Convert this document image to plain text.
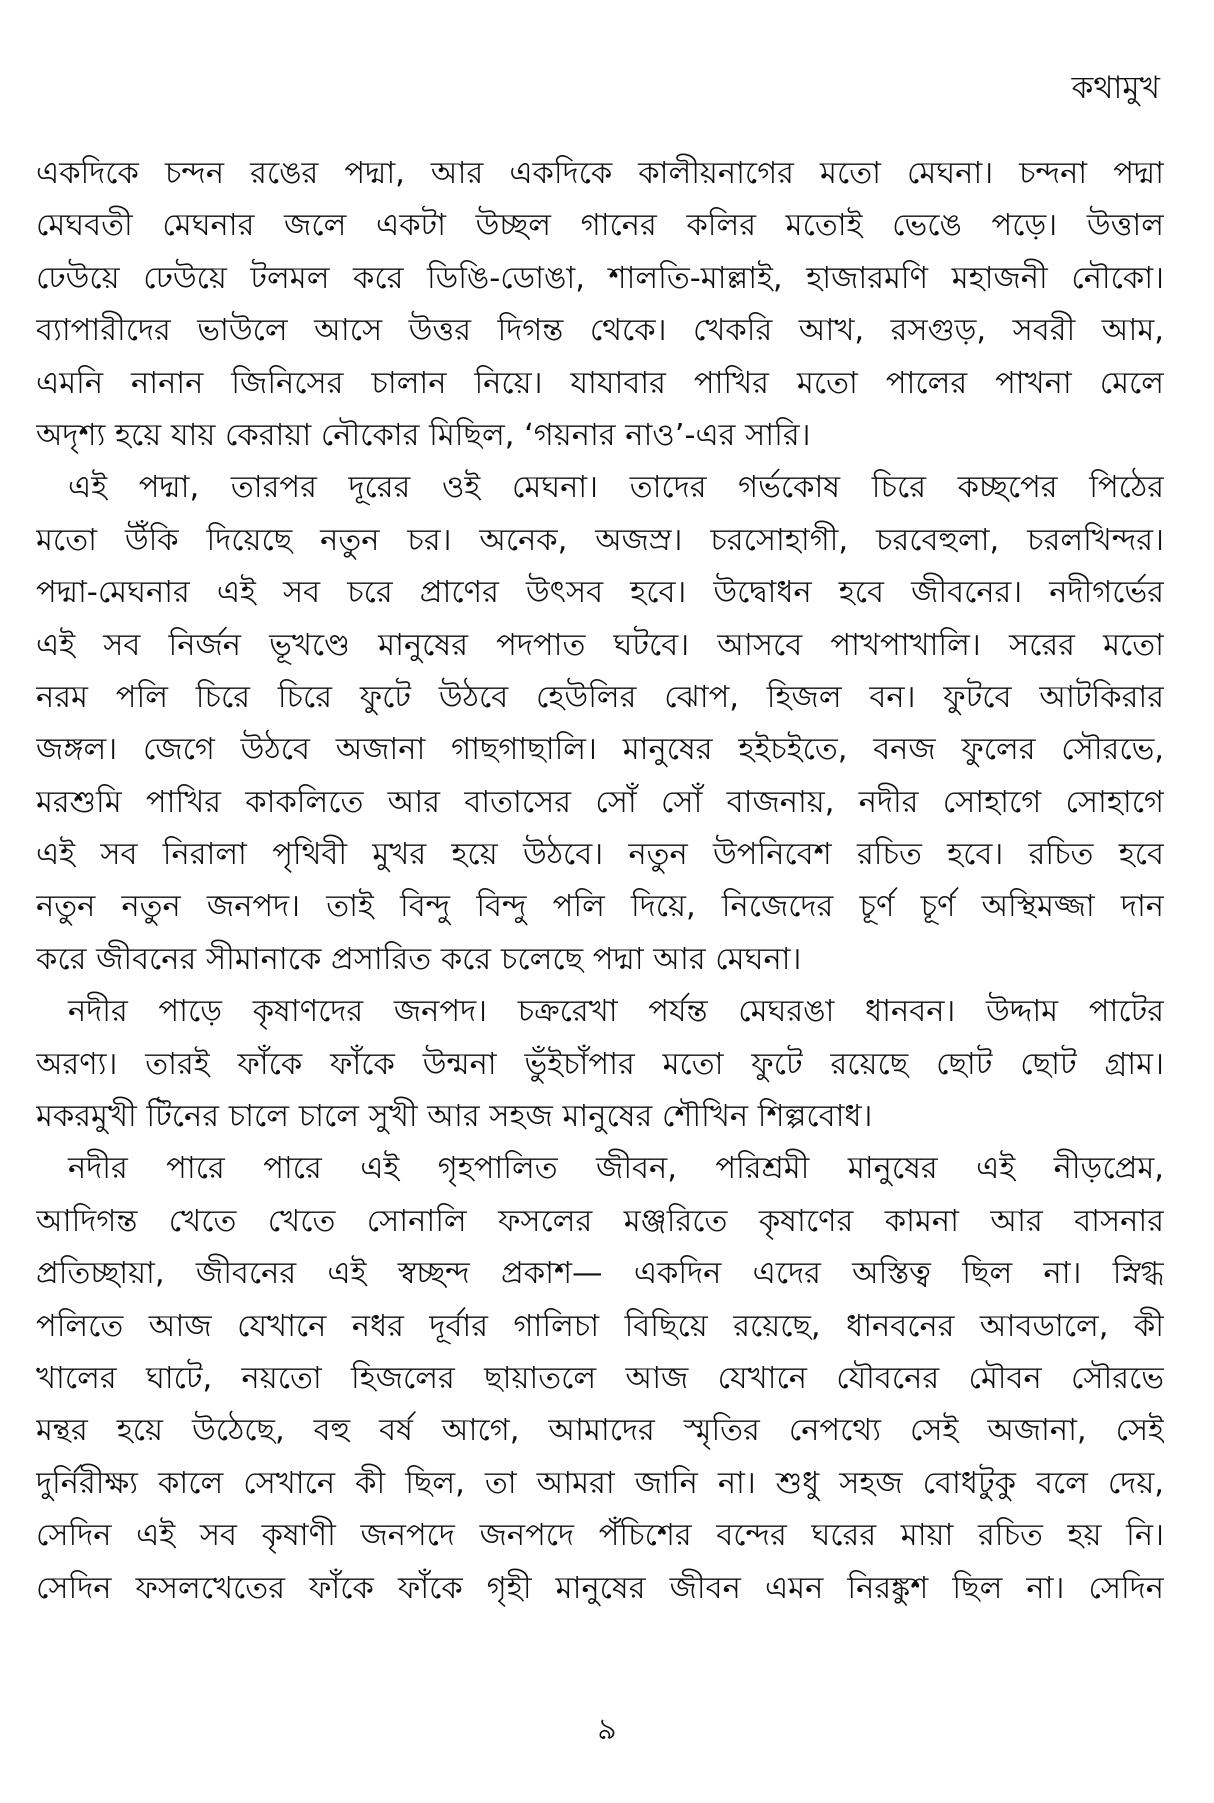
কথামুখ
একদিকে চন্দন রঙের পদ্মা, আর একদিকে কালীয়নাগের মতো মেঘনা। চন্দনা পদ্মা
মেঘবতী মেঘনার জলে একটা উচ্ছল গানের কলির মতোই ভেঙে পড়ে। উত্তাল
ঢেউয়ে ঢেউয়ে টলমল করে ডিঙি-ডোঙা, শালতি-মাল্লাই, হাজারমণি মহাজনী নৌকো।
ব্যাপারীদের ভাউলে আসে উত্তর দিগন্ত থেকে। খেকরি আখ, রসগুড়, সবরী আম,
এমনি নানান জিনিসের চালান নিয়ে। যাযাবার পাখির মতো পালের পাখনা মেলে
অদৃশ্য হয়ে যায় কেরায়া নৌকোর মিছিল, ‘গয়নার নাও’-এর সারি।
এই পদ্মা, তারপর দূরের ওই মেঘনা। তাদের গর্ভকোষ চিরে কচ্ছপের পিঠের
মতো উঁকি দিয়েছে নতুন চর। অনেক, অজস্র। চরসোহাগী, চরবেহুলা, চরলখিন্দর।
পদ্মা-মেঘনার এই সব চরে প্রাণের উৎসব হবে। উদ্বোধন হবে জীবনের। নদীগর্ভের
এই সব নির্জন ভূখণ্ডে মানুষের পদপাত ঘটবে। আসবে পাখপাখালি। সরের মতো
নরম পলি চিরে চিরে ফুটে উঠবে হেউলির ঝোপ, হিজল বন। ফুটবে আটকিরার
জঙ্গল। জেগে উঠবে অজানা গাছগাছালি। মানুষের হইচইতে, বনজ ফুলের সৌরভে,
মরশুমি পাখির কাকলিতে আর বাতাসের সোঁ সোঁ বাজনায়, নদীর সোহাগে সোহাগে
এই সব নিরালা পৃথিবী মুখর হয়ে উঠবে। নতুন উপনিবেশ রচিত হবে। রচিত হবে
নতুন নতুন জনপদ। তাই বিন্দু বিন্দু পলি দিয়ে, নিজেদের চূর্ণ চূর্ণ অস্থিমজ্জা দান
করে জীবনের সীমানাকে প্রসারিত করে চলেছে পদ্মা আর মেঘনা।
নদীর পাড়ে কৃষাণদের জনপদ। চক্ররেখা পর্যন্ত মেঘরঙা ধানবন। উদ্দাম পাটের
অরণ্য। তারই ফাঁকে ফাঁকে উন্মনা ভুঁইচাঁপার মতো ফুটে রয়েছে ছোট ছোট গ্রাম।
মকরমুখী টিনের চালে চালে সুখী আর সহজ মানুষের শৌখিন শিল্পবোধ।
নদীর পারে পারে এই গৃহপালিত জীবন, পরিশ্রমী মানুষের এই নীড়প্রেম,
আদিগন্ত খেতে খেতে সোনালি ফসলের মঞ্জরিতে কৃষাণের কামনা আর বাসনার
প্রতিচ্ছায়া, জীবনের এই স্বচ্ছন্দ প্রকাশ— একদিন এদের অস্তিত্ব ছিল না। স্নিগ্ধ
পলিতে আজ যেখানে নধর দূর্বার গালিচা বিছিয়ে রয়েছে, ধানবনের আবডালে, কী
খালের ঘাটে, নয়তো হিজলের ছায়াতলে আজ যেখানে যৌবনের মৌবন সৌরভে
মন্থর হয়ে উঠেছে, বহু বর্ষ আগে, আমাদের স্মৃতির নেপথ্যে সেই অজানা, সেই
দুর্নিরীক্ষ্য কালে সেখানে কী ছিল, তা আমরা জানি না। শুধু সহজ বোধটুকু বলে দেয়,
সেদিন এই সব কৃষাণী জনপদে জনপদে পঁচিশের বন্দের ঘরের মায়া রচিত হয় নি।
সেদিন ফসলখেতের ফাঁকে ফাঁকে গৃহী মানুষের জীবন এমন নিরঙ্কুশ ছিল না। সেদিন
৯
